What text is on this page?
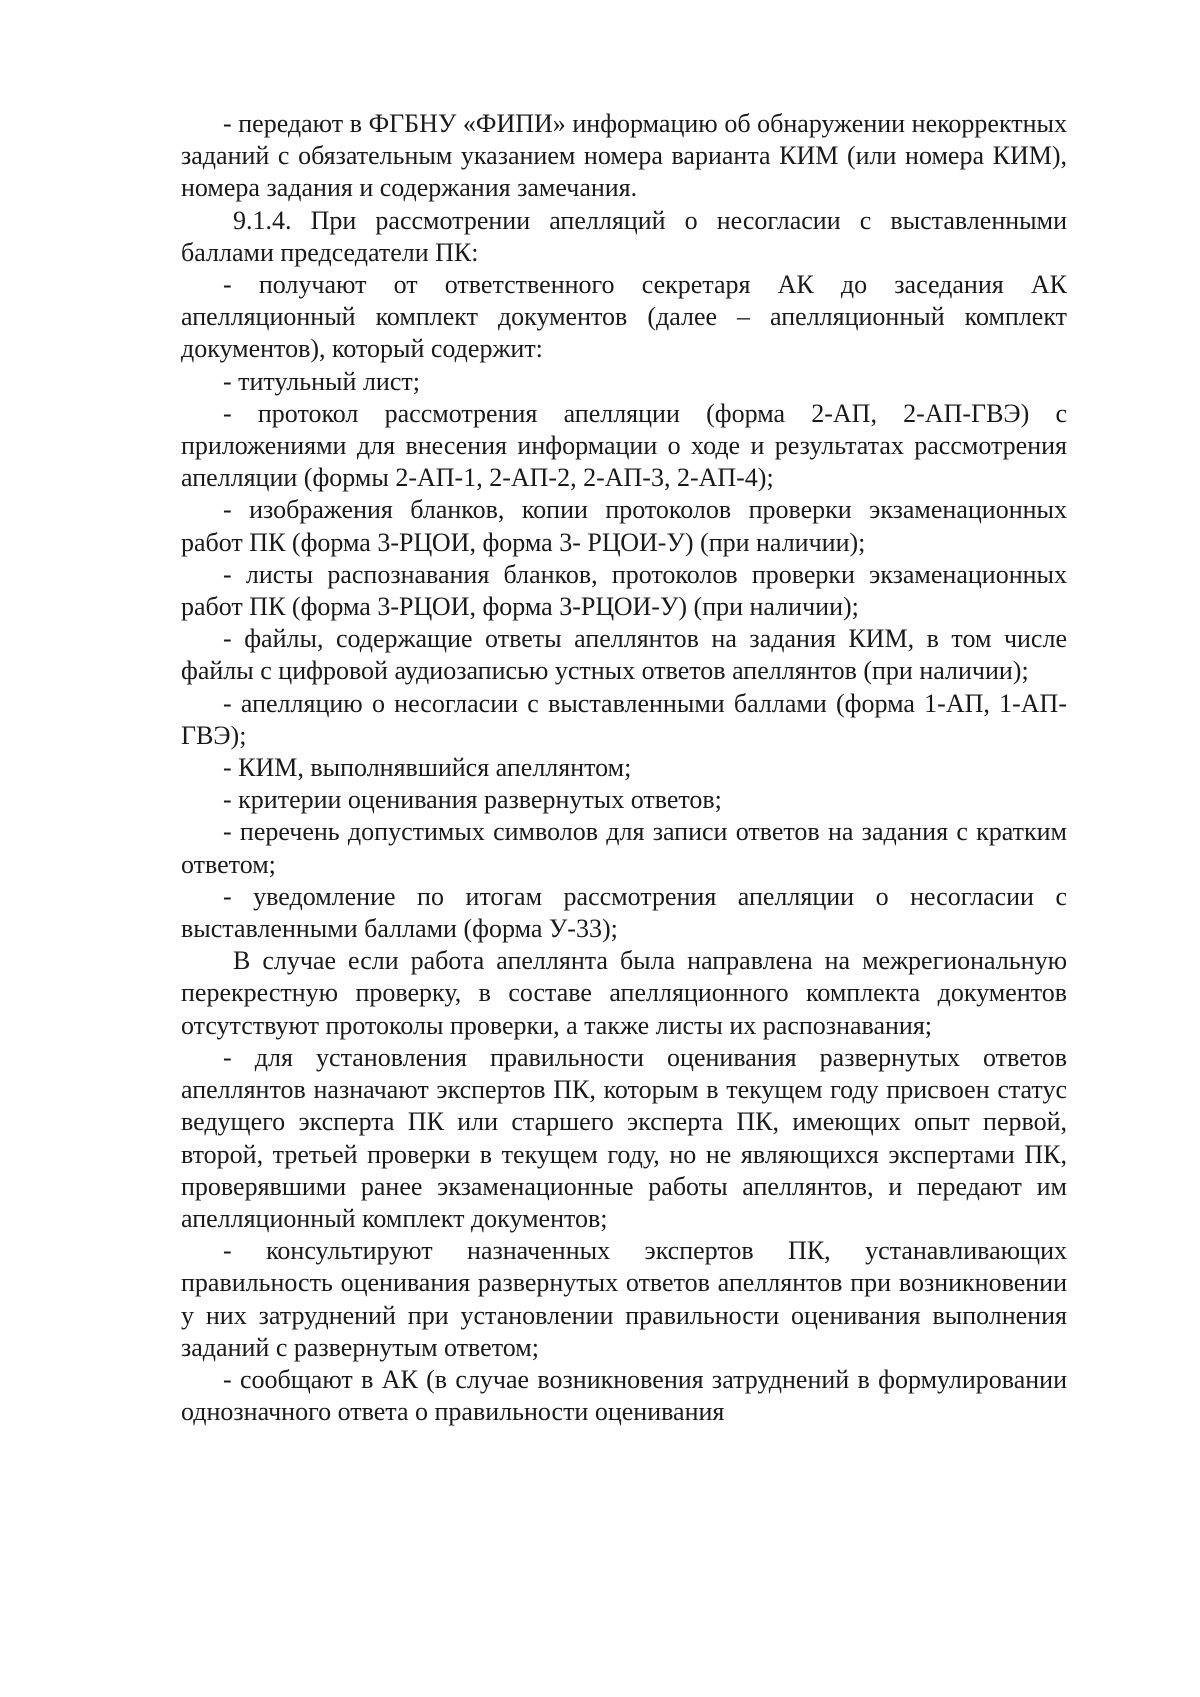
- передают в ФГБНУ «ФИПИ» информацию об обнаружении некорректных заданий с обязательным указанием номера варианта КИМ (или номера КИМ), номера задания и содержания замечания.

9.1.4. При рассмотрении апелляций о несогласии с выставленными баллами председатели ПК:

- получают от ответственного секретаря АК до заседания АК апелляционный комплект документов (далее – апелляционный комплект документов), который содержит:

- титульный лист;

- протокол рассмотрения апелляции (форма 2-АП, 2-АП-ГВЭ) с приложениями для внесения информации о ходе и результатах рассмотрения апелляции (формы 2-АП-1, 2-АП-2, 2-АП-3, 2-АП-4);

- изображения бланков, копии протоколов проверки экзаменационных работ ПК (форма 3-РЦОИ, форма 3- РЦОИ-У) (при наличии);

- листы распознавания бланков, протоколов проверки экзаменационных работ ПК (форма 3-РЦОИ, форма 3-РЦОИ-У) (при наличии);

- файлы, содержащие ответы апеллянтов на задания КИМ, в том числе файлы с цифровой аудиозаписью устных ответов апеллянтов (при наличии);

- апелляцию о несогласии с выставленными баллами (форма 1-АП, 1-АП-ГВЭ);

- КИМ, выполнявшийся апеллянтом;

- критерии оценивания развернутых ответов;

- перечень допустимых символов для записи ответов на задания с кратким ответом;

- уведомление по итогам рассмотрения апелляции о несогласии с выставленными баллами (форма У-33);

В случае если работа апеллянта была направлена на межрегиональную перекрестную проверку, в составе апелляционного комплекта документов отсутствуют протоколы проверки, а также листы их распознавания;

- для установления правильности оценивания развернутых ответов апеллянтов назначают экспертов ПК, которым в текущем году присвоен статус ведущего эксперта ПК или старшего эксперта ПК, имеющих опыт первой, второй, третьей проверки в текущем году, но не являющихся экспертами ПК, проверявшими ранее экзаменационные работы апеллянтов, и передают им апелляционный комплект документов;

- консультируют назначенных экспертов ПК, устанавливающих правильность оценивания развернутых ответов апеллянтов при возникновении у них затруднений при установлении правильности оценивания выполнения заданий с развернутым ответом;

- сообщают в АК (в случае возникновения затруднений в формулировании однозначного ответа о правильности оценивания
